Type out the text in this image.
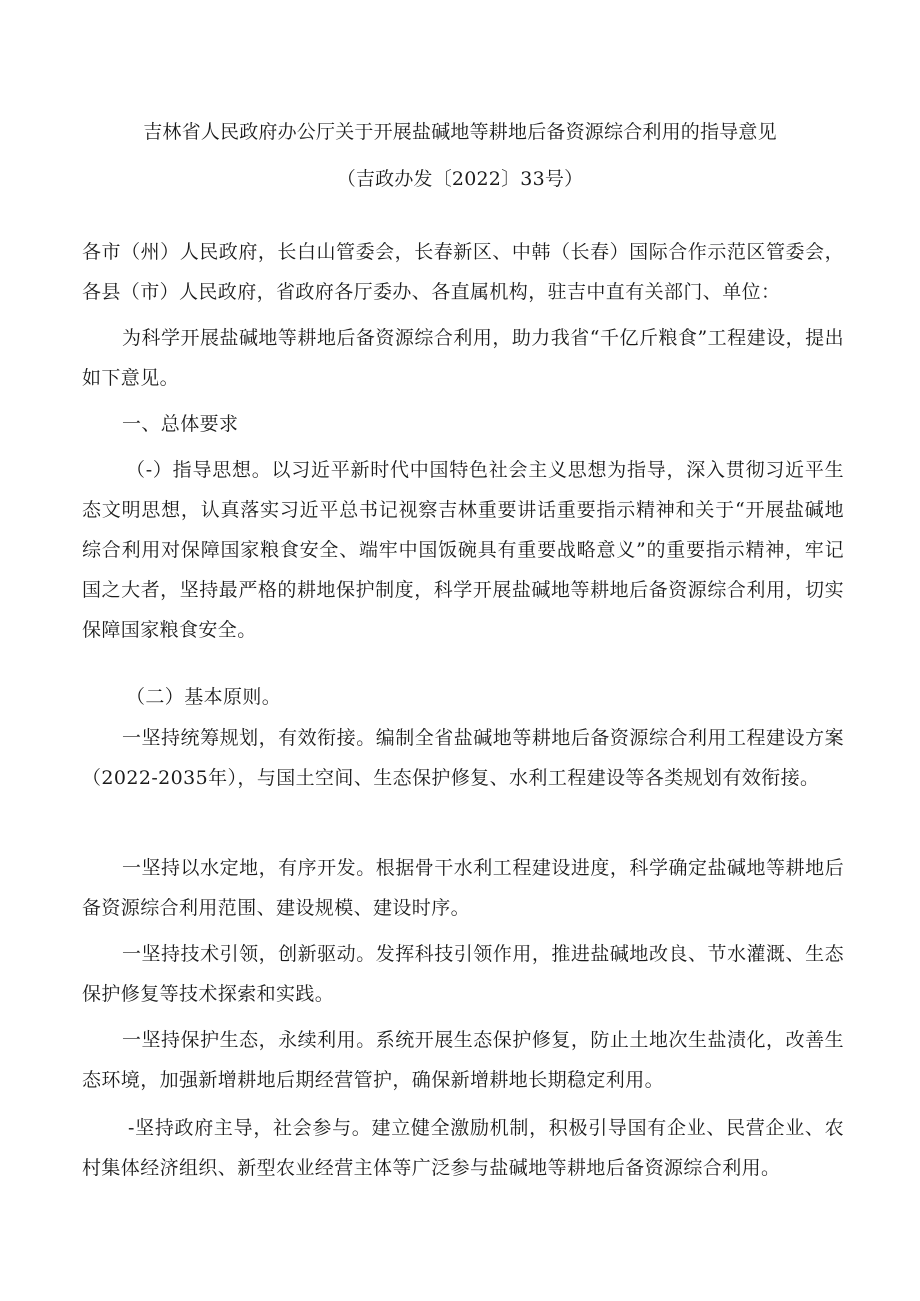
吉林省人民政府办公厅关于开展盐碱地等耕地后备资源综合利用的指导意见
（吉政办发〔2022〕33号）
各市（州）人民政府，长白山管委会，长春新区、中韩（长春）国际合作示范区管委会，各县（市）人民政府，省政府各厅委办、各直属机构，驻吉中直有关部门、单位：
为科学开展盐碱地等耕地后备资源综合利用，助力我省“千亿斤粮食”工程建设，提出如下意见。
一、总体要求
（-）指导思想。以习近平新时代中国特色社会主义思想为指导，深入贯彻习近平生态文明思想，认真落实习近平总书记视察吉林重要讲话重要指示精神和关于“开展盐碱地综合利用对保障国家粮食安全、端牢中国饭碗具有重要战略意义”的重要指示精神，牢记国之大者，坚持最严格的耕地保护制度，科学开展盐碱地等耕地后备资源综合利用，切实保障国家粮食安全。
（二）基本原则。
一坚持统筹规划，有效衔接。编制全省盐碱地等耕地后备资源综合利用工程建设方案（2022-2035年），与国土空间、生态保护修复、水利工程建设等各类规划有效衔接。
一坚持以水定地，有序开发。根据骨干水利工程建设进度，科学确定盐碱地等耕地后备资源综合利用范围、建设规模、建设时序。
一坚持技术引领，创新驱动。发挥科技引领作用，推进盐碱地改良、节水灌溉、生态保护修复等技术探索和实践。
一坚持保护生态，永续利用。系统开展生态保护修复，防止土地次生盐渍化，改善生态环境，加强新增耕地后期经营管护，确保新增耕地长期稳定利用。
-坚持政府主导，社会参与。建立健全激励机制，积极引导国有企业、民营企业、农村集体经济组织、新型农业经营主体等广泛参与盐碱地等耕地后备资源综合利用。
